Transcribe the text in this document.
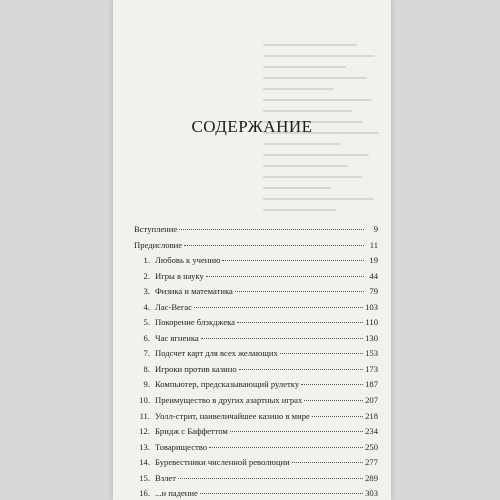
СОДЕРЖАНИЕ
Вступление	9
Предисловие	11
1. Любовь к учению	19
2. Игры в науку	44
3. Физика и математика	79
4. Лас-Вегас	103
5. Покорение блэкджека	110
6. Час ягненка	130
7. Подсчет карт для всех желающих	153
8. Игроки против казино	173
9. Компьютер, предсказывающий рулетку	187
10. Преимущество в других азартных играх	207
11. Уолл-стрит, наивеличайшее казино в мире	218
12. Бридж с Баффеттом	234
13. Товарищество	250
14. Буревестники численной революции	277
15. Взлет	289
16. ...и падение	303
